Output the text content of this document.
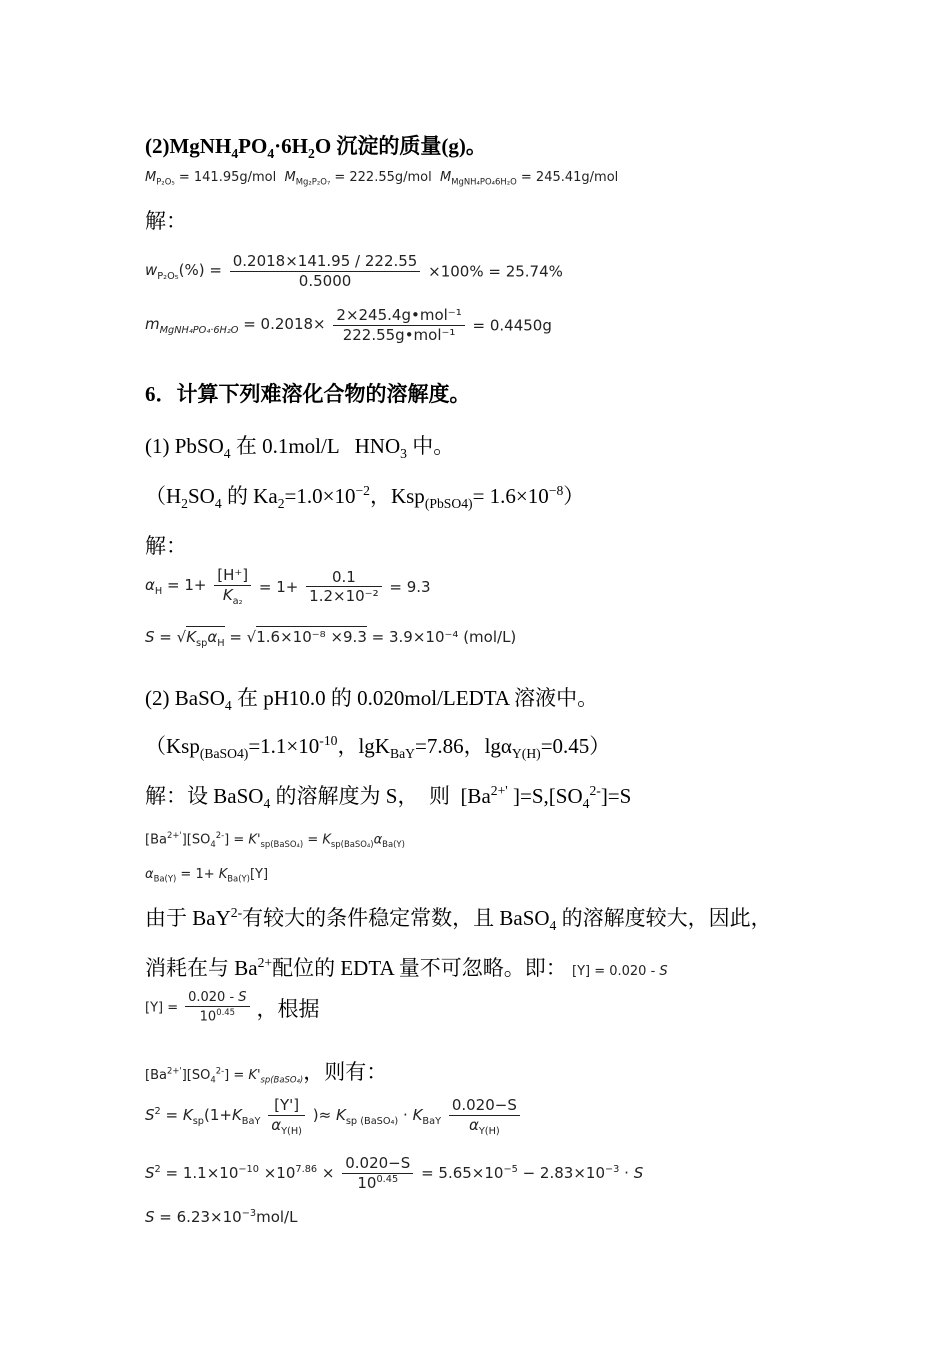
$(2)MgNH_4PO_4\cdot 6H_2O$ 沉淀的质量(g)。
$M_{P_2O_5} = 141.95g/mol$  $M_{Mg_2P_2O_7} = 222.55g/mol$  $M_{MgNH_4PO_46H_2O} = 245.41g/mol$
解：
$w_{P_2O_5}(\%) = \frac{0.2018\times 141.95 / 222.55}{0.5000} \times 100\% = 25.74\%$
$m_{MgNH_4PO_4\cdot 6H_2O} = 0.2018\times \frac{\text{2×245.4g•mol⁻¹}}{\text{222.55g•mol⁻¹}} = 0.4450g$
6．计算下列难溶化合物的溶解度。
(1) PbSO$_4$ 在 0.1mol/L   $HNO_3$ 中。
（$H_2SO_4$ 的 $Ka_2=1.0\times 10^{-2}$，$Ksp_{(PbSO4)}= 1.6\times 10^{-8}$）
解：
$\alpha_H = 1+ \frac{[H^+]}{K_{a_2}} = 1+ \frac{0.1}{\text{1.2×10⁻²}} = 9.3$
$S = √K_{sp}\alpha_H = √1.6\times 10^{-8} \times 9.3 = 3.9\times 10^{-4}$ (mol/L)
(2) BaSO$_4$ 在 pH10.0 的 0.020mol/LEDTA 溶液中。
（$Ksp_{(BaSO4)}=1.1\times 10^{-10}$，lgK$_{BaY}$=7.86，lgα$_{Y(H)}$=0.45）
解：设 BaSO$_4$ 的溶解度为 S，  则  [$Ba^{2+'}$ ]$=S,[SO_4^{2-}]=S$
$[Ba^{2+'}][SO_4^{2-}] = K'_{sp(BaSO_4)} = K_{sp(BaSO_4)}\alpha_{Ba(Y)}$
$\alpha_{Ba(Y)} = 1+ K_{Ba(Y)}[Y]$
由于 BaY$^{2-}$有较大的条件稳定常数，且 BaSO$_4$ 的溶解度较大，因此，
消耗在与 $Ba^{2+}$配位的 EDTA 量不可忽略。即： [Y] = 0.020 - S
$[Y] = \frac{0.020 - S}{10^{0.45}}$ ，根据
$[Ba^{2+'}][SO_4^{2-}] = K'_{sp(BaSO_4)}$，则有：
$S^2 = K_{sp}(1+K_{BaY} \frac{[Y']}{\alpha_{Y(H)}}$ )≈ $K_{sp (BaSO_4)} \cdot K_{BaY} \frac{0.020-S}{\alpha_{Y(H)}}$
$S^2 = 1.1\times 10^{-10} \times 10^{7.86} \times \frac{0.020-S}{10^{0.45}} = 5.65\times 10^{-5} - 2.83\times 10^{-3} \cdot S$
$S = 6.23\times 10^{-3}mol/L$
